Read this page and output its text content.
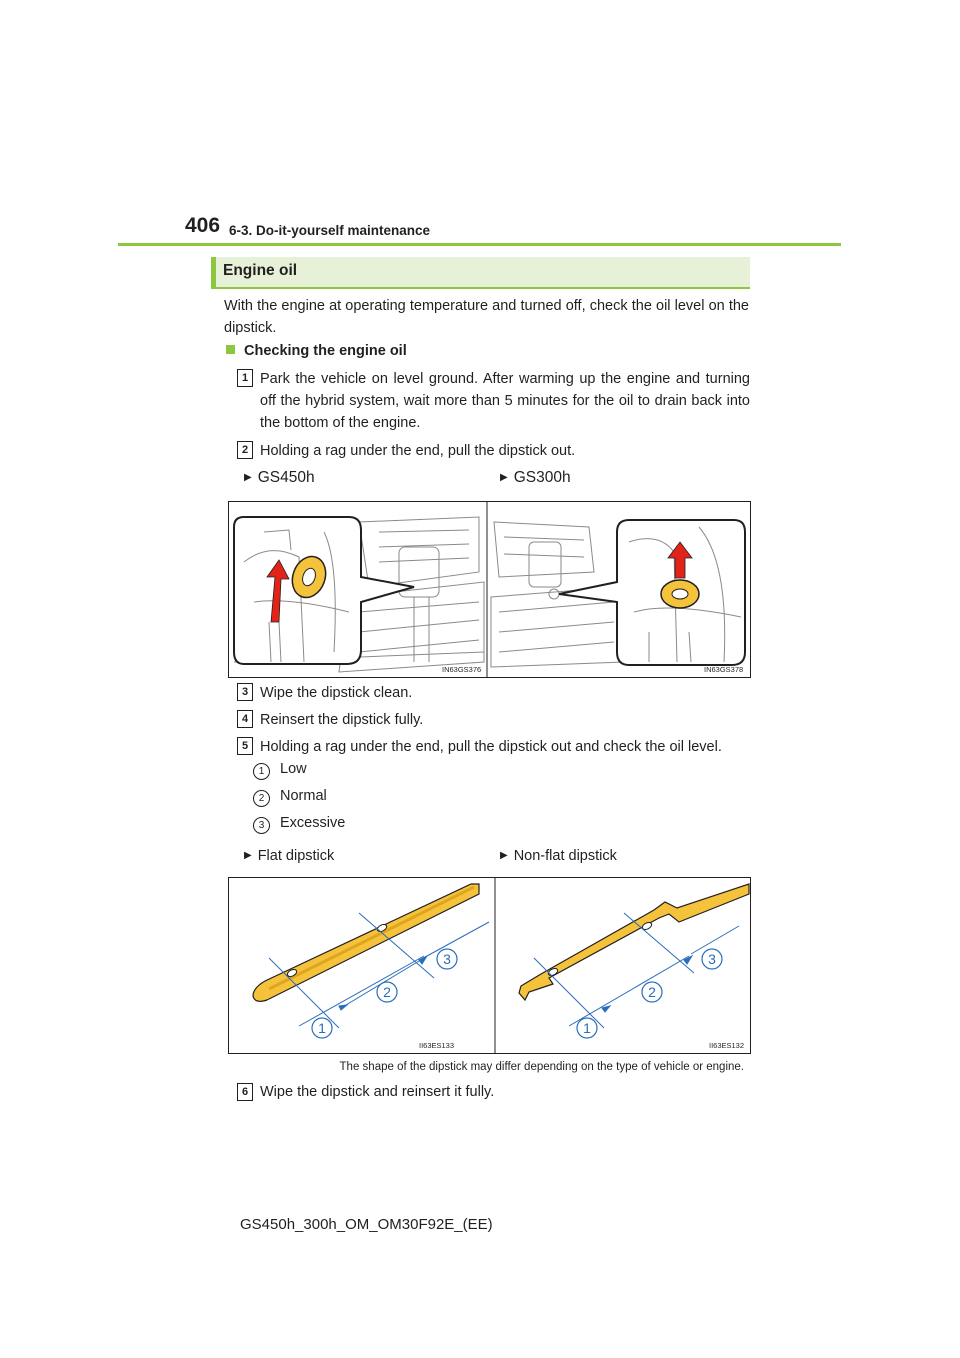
406 6-3. Do-it-yourself maintenance
Engine oil
With the engine at operating temperature and turned off, check the oil level on the dipstick.
Checking the engine oil
1 Park the vehicle on level ground. After warming up the engine and turning off the hybrid system, wait more than 5 minutes for the oil to drain back into the bottom of the engine.
2 Holding a rag under the end, pull the dipstick out.
▶ GS450h	▶ GS300h
IN63GS376	IN63GS378
3 Wipe the dipstick clean.
4 Reinsert the dipstick fully.
5 Holding a rag under the end, pull the dipstick out and check the oil level.
1	Low
2	Normal
3	Excessive
▶ Flat dipstick	▶ Non-flat dipstick
1
2
3
II63ES133
1
2
3
II63ES132
The shape of the dipstick may differ depending on the type of vehicle or engine.
6 Wipe the dipstick and reinsert it fully.
GS450h_300h_OM_OM30F92E_(EE)
